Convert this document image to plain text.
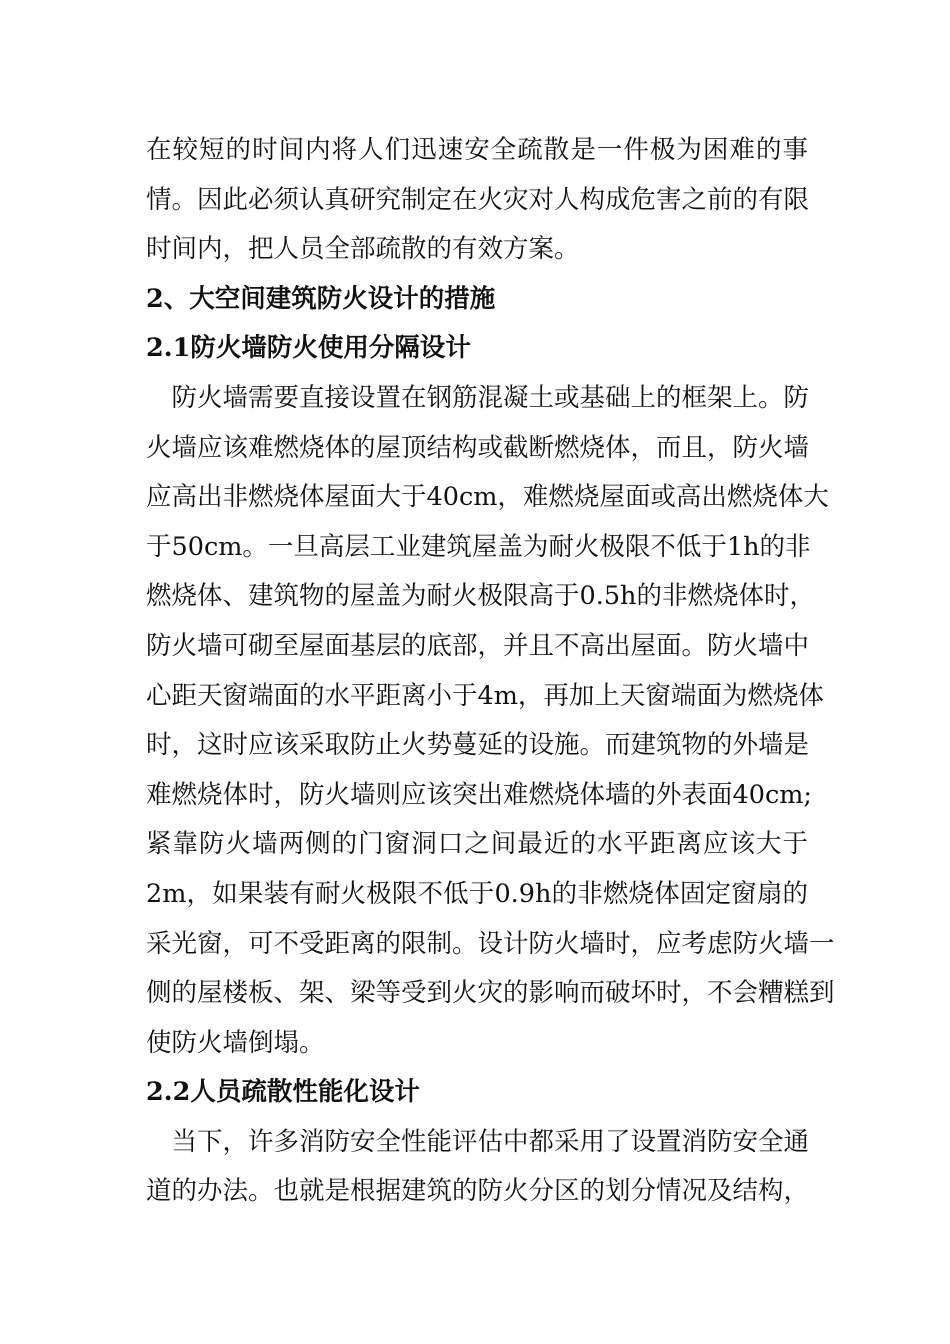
在较短的时间内将人们迅速安全疏散是一件极为困难的事
情。因此必须认真研究制定在火灾对人构成危害之前的有限
时间内，把人员全部疏散的有效方案。
2、大空间建筑防火设计的措施
2.1防火墙防火使用分隔设计
　防火墙需要直接设置在钢筋混凝土或基础上的框架上。防
火墙应该难燃烧体的屋顶结构或截断燃烧体，而且，防火墙
应高出非燃烧体屋面大于40cm，难燃烧屋面或高出燃烧体大
于50cm。一旦高层工业建筑屋盖为耐火极限不低于1h的非
燃烧体、建筑物的屋盖为耐火极限高于0.5h的非燃烧体时，
防火墙可砌至屋面基层的底部，并且不高出屋面。防火墙中
心距天窗端面的水平距离小于4m，再加上天窗端面为燃烧体
时，这时应该采取防止火势蔓延的设施。而建筑物的外墙是
难燃烧体时，防火墙则应该突出难燃烧体墙的外表面40cm;
紧靠防火墙两侧的门窗洞口之间最近的水平距离应该大于
2m，如果装有耐火极限不低于0.9h的非燃烧体固定窗扇的
采光窗，可不受距离的限制。设计防火墙时，应考虑防火墙一
侧的屋楼板、架、梁等受到火灾的影响而破坏时，不会糟糕到
使防火墙倒塌。
2.2人员疏散性能化设计
　当下，许多消防安全性能评估中都采用了设置消防安全通
道的办法。也就是根据建筑的防火分区的划分情况及结构，
